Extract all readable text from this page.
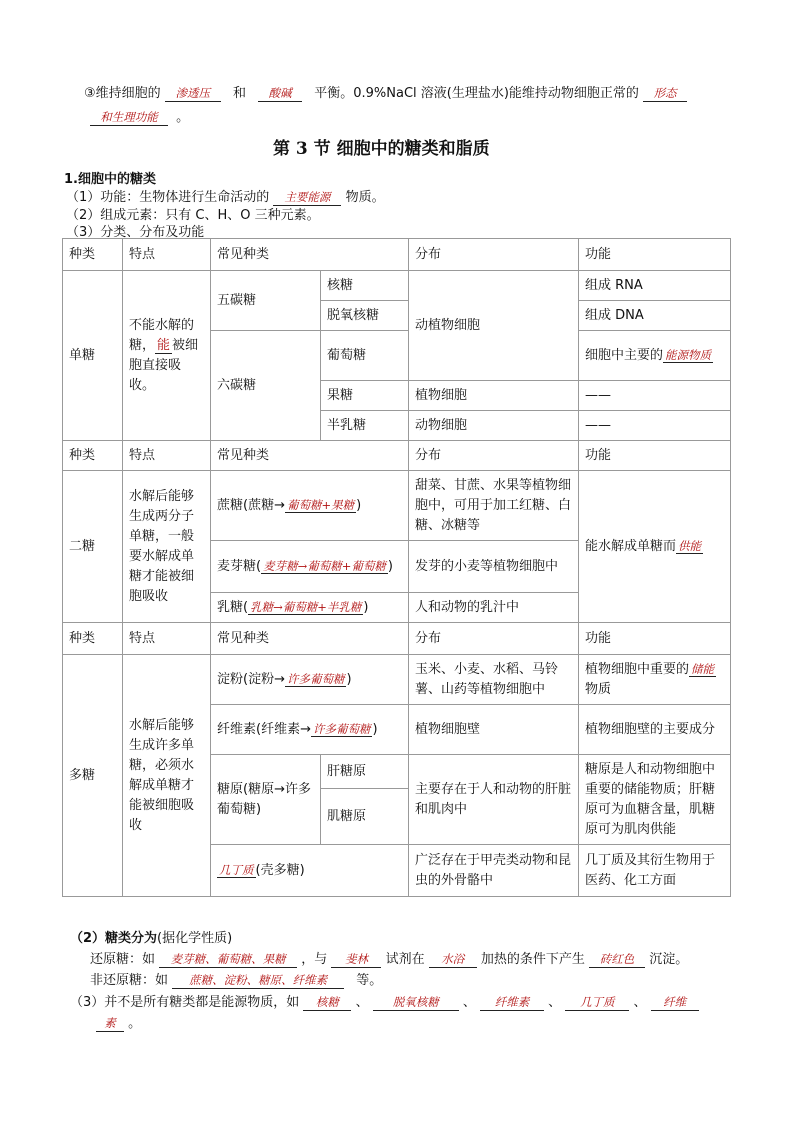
③维持细胞的 渗透压 和 酸碱 平衡。0.9%NaCl 溶液(生理盐水)能维持动物细胞正常的 形态
和生理功能 。
第 3 节 细胞中的糖类和脂质
1.细胞中的糖类
（1）功能：生物体进行生命活动的 主要能源 物质。
（2）组成元素：只有 C、H、O 三种元素。
（3）分类、分布及功能
种类	特点	常见种类		分布	功能
单糖	不能水解的糖， 能 被细胞直接吸收。	五碳糖	核糖	动植物细胞	组成 RNA
			脱氧核糖		组成 DNA
		六碳糖	葡萄糖		细胞中主要的 能源物质
			果糖	植物细胞	——
			半乳糖	动物细胞	——
种类	特点	常见种类		分布	功能
二糖	水解后能够生成两分子单糖，一般要水解成单糖才能被细胞吸收	蔗糖(蔗糖→ 葡萄糖+果糖 )		甜菜、甘蔗、水果等植物细胞中，可用于加工红糖、白糖、冰糖等	能水解成单糖而 供能
		麦芽糖( 麦芽糖→葡萄糖+葡萄糖 )		发芽的小麦等植物细胞中	
		乳糖( 乳糖→葡萄糖+半乳糖 )		人和动物的乳汁中	
种类	特点	常见种类		分布	功能
多糖	水解后能够生成许多单糖，必须水解成单糖才能被细胞吸收	淀粉(淀粉→ 许多葡萄糖 )		玉米、小麦、水稻、马铃薯、山药等植物细胞中	植物细胞中重要的 储能物质
		纤维素(纤维素→ 许多葡萄糖 )		植物细胞壁	植物细胞壁的主要成分
		糖原(糖原→许多葡萄糖)	肝糖原	主要存在于人和动物的肝脏和肌肉中	糖原是人和动物细胞中重要的储能物质；肝糖原可为血糖含量，肌糖原可为肌肉供能
			肌糖原		
		几丁质 (壳多糖)		广泛存在于甲壳类动物和昆虫的外骨骼中	几丁质及其衍生物用于医药、化工方面
（2）糖类分为(据化学性质)
还原糖：如 麦芽糖、葡萄糖、果糖 ，与 斐林 试剂在 水浴 加热的条件下产生 砖红色 沉淀。
非还原糖：如 蔗糖、淀粉、糖原、纤维素 等。
（3）并不是所有糖类都是能源物质，如 核糖 、 脱氧核糖 、 纤维素 、 几丁质 、 纤维
素 。
